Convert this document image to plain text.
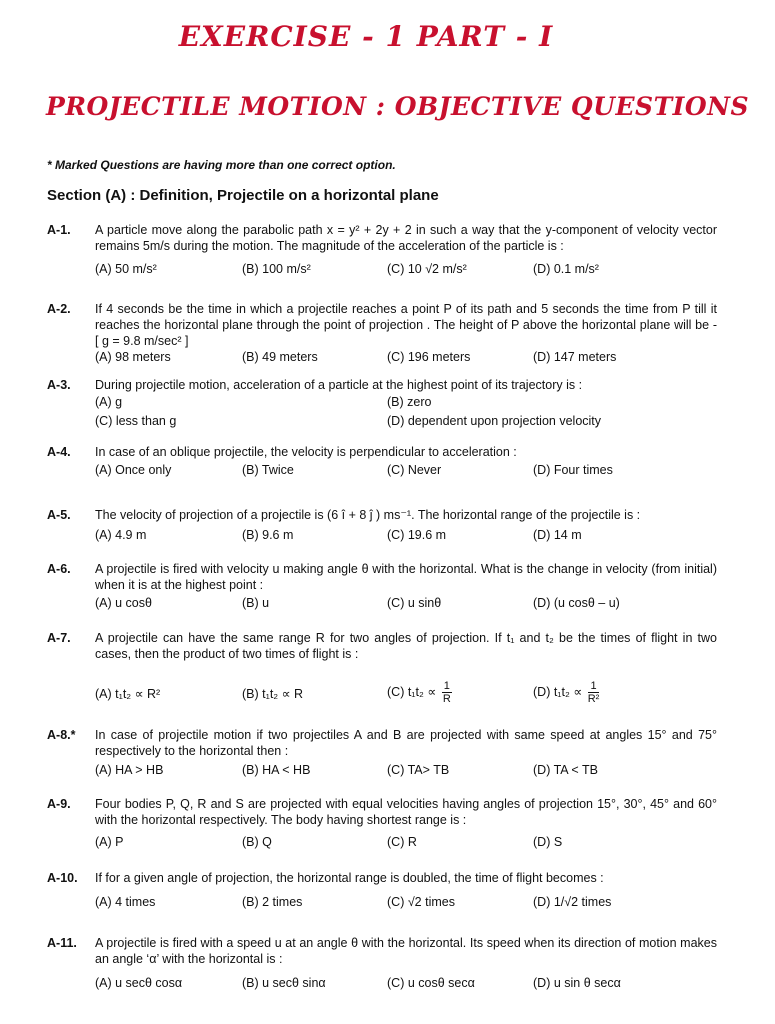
EXERCISE - 1 PART - I
PROJECTILE MOTION : OBJECTIVE QUESTIONS
* Marked Questions are having more than one correct option.
Section (A) : Definition, Projectile on a horizontal plane
A-1. A particle move along the parabolic path x = y² + 2y + 2 in such a way that the y-component of velocity vector remains 5m/s during the motion. The magnitude of the acceleration of the particle is :
(A) 50 m/s²	(B) 100 m/s²	(C) 10 √2 m/s²	(D) 0.1 m/s²
A-2. If 4 seconds be the time in which a projectile reaches a point P of its path and 5 seconds the time from P till it reaches the horizontal plane through the point of projection . The height of P above the horizontal plane will be - [ g = 9.8 m/sec² ]
(A) 98 meters	(B) 49 meters	(C) 196 meters	(D) 147 meters
A-3. During projectile motion, acceleration of a particle at the highest point of its trajectory is :
(A) g	(B) zero
(C) less than g	(D) dependent upon projection velocity
A-4. In case of an oblique projectile, the velocity is perpendicular to acceleration :
(A) Once only	(B) Twice	(C) Never	(D) Four times
A-5. The velocity of projection of a projectile is (6 î + 8 ĵ ) ms⁻¹. The horizontal range of the projectile is :
(A) 4.9 m	(B) 9.6 m	(C) 19.6 m	(D) 14 m
A-6. A projectile is fired with velocity u making angle θ with the horizontal. What is the change in velocity (from initial) when it is at the highest point :
(A) u cosθ	(B) u	(C) u sinθ	(D) (u cosθ – u)
A-7. A projectile can have the same range R for two angles of projection. If t₁ and t₂ be the times of flight in two cases, then the product of two times of flight is :
(A) t₁t₂ ∝ R²	(B) t₁t₂ ∝ R	(C) $t_1t_2 \propto \frac{1}{R}$	(D) $t_1t_2 \propto \frac{1}{\text{R²}}$
A-8.* In case of projectile motion if two projectiles A and B are projected with same speed at angles 15° and 75° respectively to the horizontal then :
(A) HA > HB	(B) HA < HB	(C) TA> TB	(D) TA < TB
A-9. Four bodies P, Q, R and S are projected with equal velocities having angles of projection 15°, 30°, 45° and 60° with the horizontal respectively. The body having shortest range is :
(A) P	(B) Q	(C) R	(D) S
A-10. If for a given angle of projection, the horizontal range is doubled, the time of flight becomes :
(A) 4 times	(B) 2 times	(C) √2 times	(D) 1/√2 times
A-11. A projectile is fired with a speed u at an angle θ with the horizontal. Its speed when its direction of motion makes an angle ‘α’ with the horizontal is :
(A) u secθ cosα	(B) u secθ sinα	(C) u cosθ secα	(D) u sin θ secα
